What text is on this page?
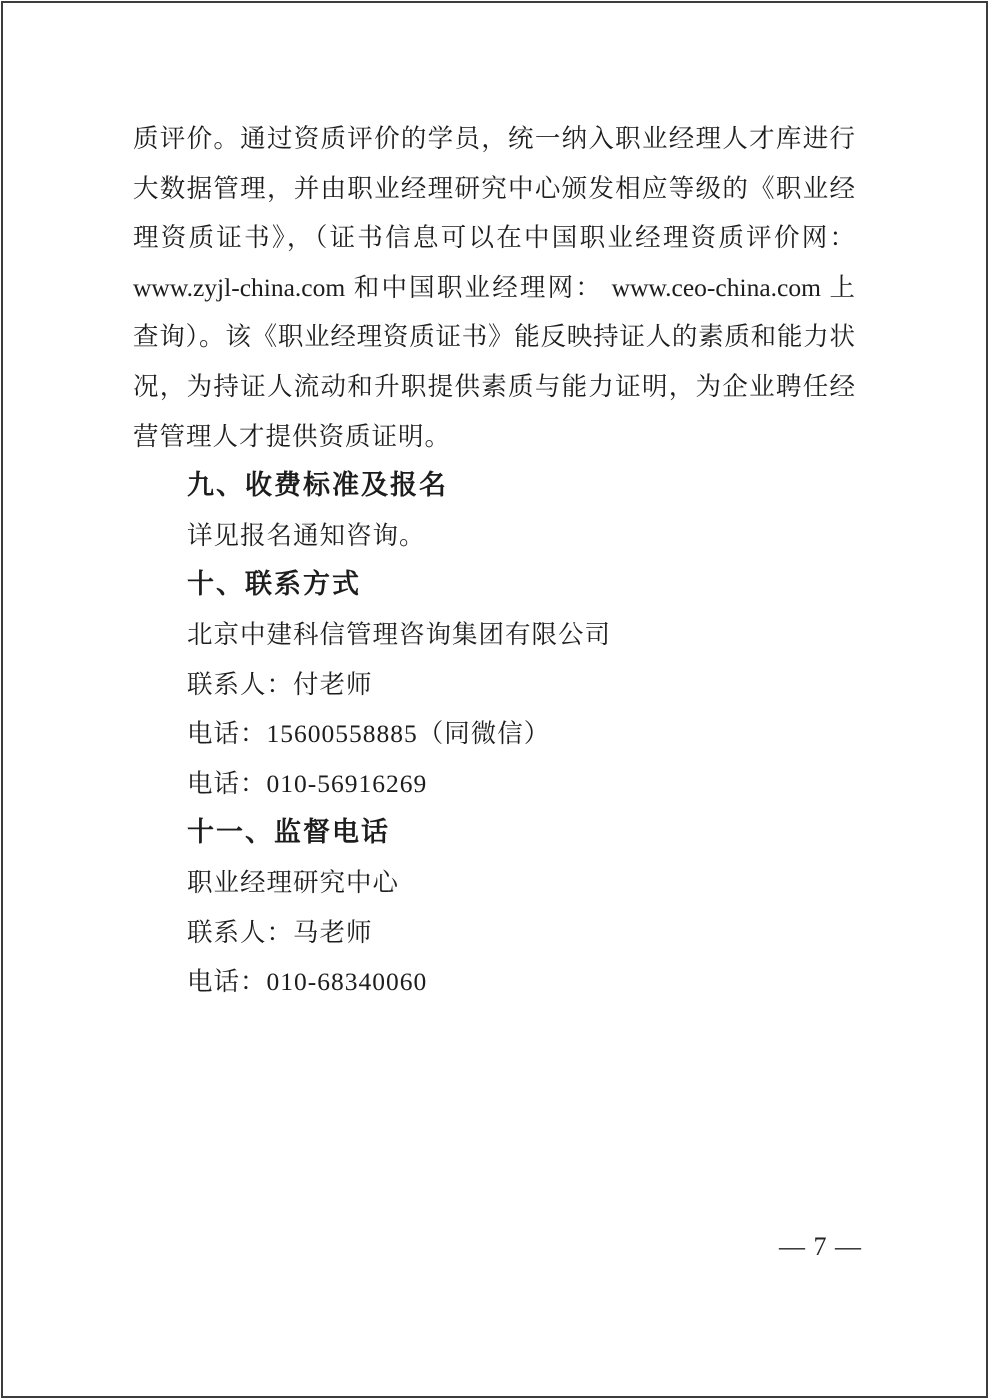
质评价。通过资质评价的学员，统一纳入职业经理人才库进行
大数据管理，并由职业经理研究中心颁发相应等级的《职业经
理资质证书》，（证书信息可以在中国职业经理资质评价网：
www.zyjl-china.com 和中国职业经理网： www.ceo-china.com 上
查询）。该《职业经理资质证书》能反映持证人的素质和能力状
况，为持证人流动和升职提供素质与能力证明，为企业聘任经
营管理人才提供资质证明。
九、收费标准及报名
详见报名通知咨询。
十、联系方式
北京中建科信管理咨询集团有限公司
联系人：付老师
电话：15600558885（同微信）
电话：010-56916269
十一、监督电话
职业经理研究中心
联系人：马老师
电话：010-68340060
— 7 —
